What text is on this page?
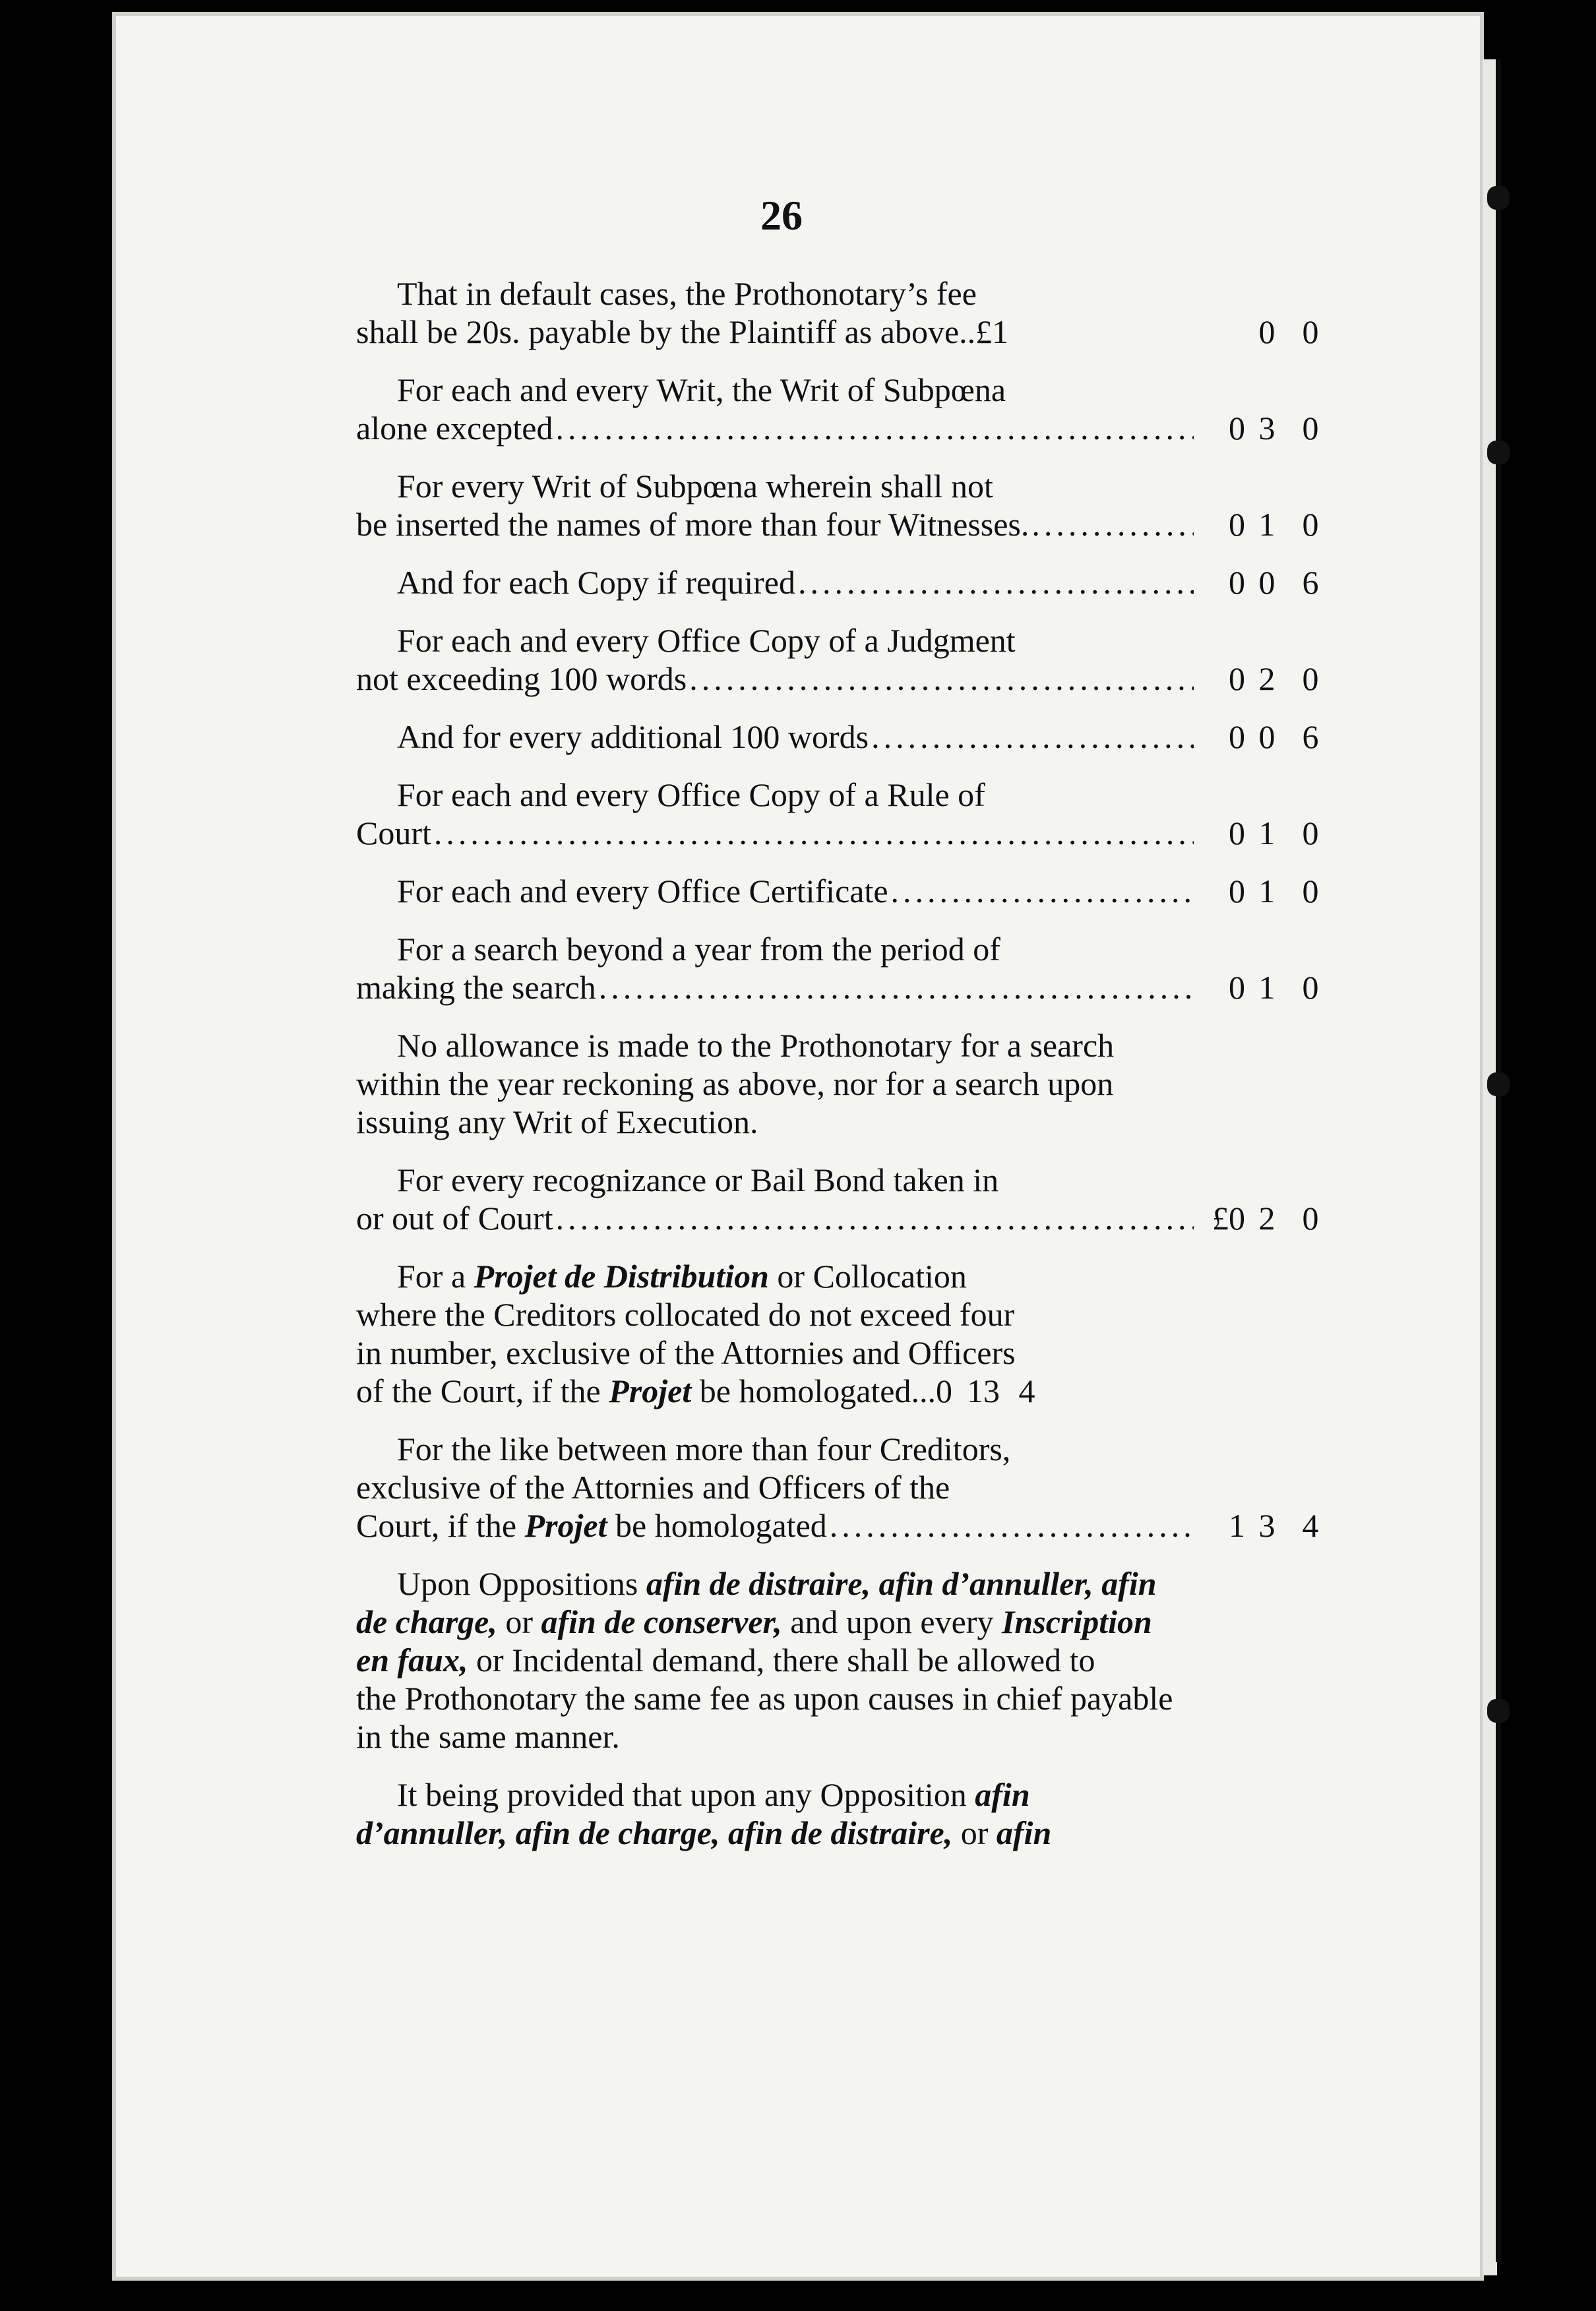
26
That in default cases, the Prothonotary’s fee
shall be 20s. payable by the Plaintiff as above..£1	0 0
For each and every Writ, the Writ of Subpœna
alone excepted .....	0 3 0
For every Writ of Subpœna wherein shall not
be inserted the names of more than four Witnesses. .....	0 1 0
And for each Copy if required .....	0 0 6
For each and every Office Copy of a Judgment
not exceeding 100 words .....	0 2 0
And for every additional 100 words .....	0 0 6
For each and every Office Copy of a Rule of
Court .....	0 1 0
For each and every Office Certificate .....	0 1 0
For a search beyond a year from the period of
making the search .....	0 1 0
No allowance is made to the Prothonotary for a search
within the year reckoning as above, nor for a search upon
issuing any Writ of Execution.
For every recognizance or Bail Bond taken in
or out of Court .....	£0 2 0
For a Projet de Distribution or Collocation
where the Creditors collocated do not exceed four
in number, exclusive of the Attornies and Officers
of the Court, if the Projet be homologated...0 13 4
For the like between more than four Creditors,
exclusive of the Attornies and Officers of the
Court, if the Projet be homologated .....	1 3 4
Upon Oppositions afin de distraire, afin d’annuller, afin
de charge, or afin de conserver, and upon every Inscription
en faux, or Incidental demand, there shall be allowed to
the Prothonotary the same fee as upon causes in chief payable
in the same manner.
It being provided that upon any Opposition afin
d’annuller, afin de charge, afin de distraire, or afin
